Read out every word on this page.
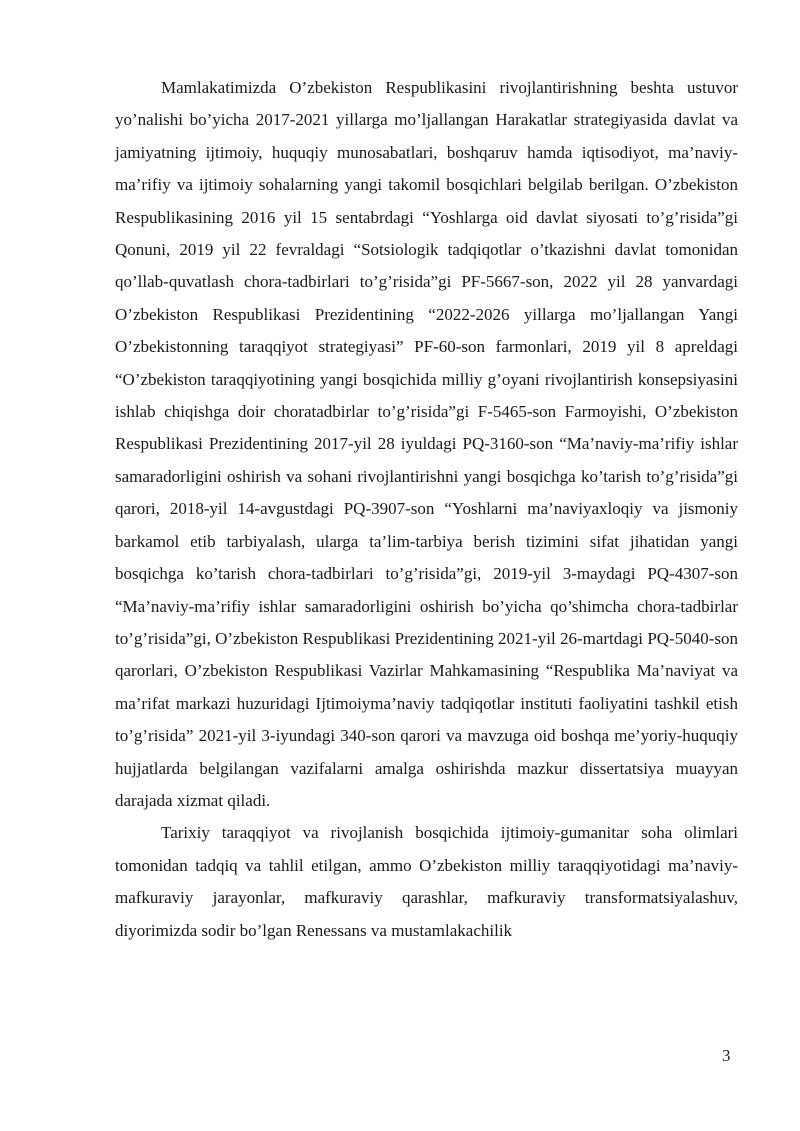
Mamlakatimizda O’zbekiston Respublikasini rivojlantirishning beshta ustuvor yo’nalishi bo’yicha 2017-2021 yillarga mo’ljallangan Harakatlar strategiyasida davlat va jamiyatning ijtimoiy, huquqiy munosabatlari, boshqaruv hamda iqtisodiyot, ma’naviy-ma’rifiy va ijtimoiy sohalarning yangi takomil bosqichlari belgilab berilgan. O’zbekiston Respublikasining 2016 yil 15 sentabrdagi “Yoshlarga oid davlat siyosati to’g’risida”gi Qonuni, 2019 yil 22 fevraldagi “Sotsiologik tadqiqotlar o’tkazishni davlat tomonidan qo’llab-quvatlash chora-tadbirlari to’g’risida”gi PF-5667-son, 2022 yil 28 yanvardagi O’zbekiston Respublikasi Prezidentining “2022-2026 yillarga mo’ljallangan Yangi O’zbekistonning taraqqiyot strategiyasi” PF-60-son farmonlari, 2019 yil 8 apreldagi “O’zbekiston taraqqiyotining yangi bosqichida milliy g’oyani rivojlantirish konsepsiyasini ishlab chiqishga doir choratadbirlar to’g’risida”gi F-5465-son Farmoyishi, O’zbekiston Respublikasi Prezidentining 2017-yil 28 iyuldagi PQ-3160-son “Ma’naviy-ma’rifiy ishlar samaradorligini oshirish va sohani rivojlantirishni yangi bosqichga ko’tarish to’g’risida”gi qarori, 2018-yil 14-avgustdagi PQ-3907-son “Yoshlarni ma’naviyaxloqiy va jismoniy barkamol etib tarbiyalash, ularga ta’lim-tarbiya berish tizimini sifat jihatidan yangi bosqichga ko’tarish chora-tadbirlari to’g’risida”gi, 2019-yil 3-maydagi PQ-4307-son “Ma’naviy-ma’rifiy ishlar samaradorligini oshirish bo’yicha qo’shimcha chora-tadbirlar to’g’risida”gi, O’zbekiston Respublikasi Prezidentining 2021-yil 26-martdagi PQ-5040-son qarorlari, O’zbekiston Respublikasi Vazirlar Mahkamasining “Respublika Ma’naviyat va ma’rifat markazi huzuridagi Ijtimoiyma’naviy tadqiqotlar instituti faoliyatini tashkil etish to’g’risida” 2021-yil 3-iyundagi 340-son qarori va mavzuga oid boshqa me’yoriy-huquqiy hujjatlarda belgilangan vazifalarni amalga oshirishda mazkur dissertatsiya muayyan darajada xizmat qiladi.

Tarixiy taraqqiyot va rivojlanish bosqichida ijtimoiy-gumanitar soha olimlari tomonidan tadqiq va tahlil etilgan, ammo O’zbekiston milliy taraqqiyotidagi ma’naviy-mafkuraviy jarayonlar, mafkuraviy qarashlar, mafkuraviy transformatsiyalashuv, diyorimizda sodir bo’lgan Renessans va mustamlakachilik

3
